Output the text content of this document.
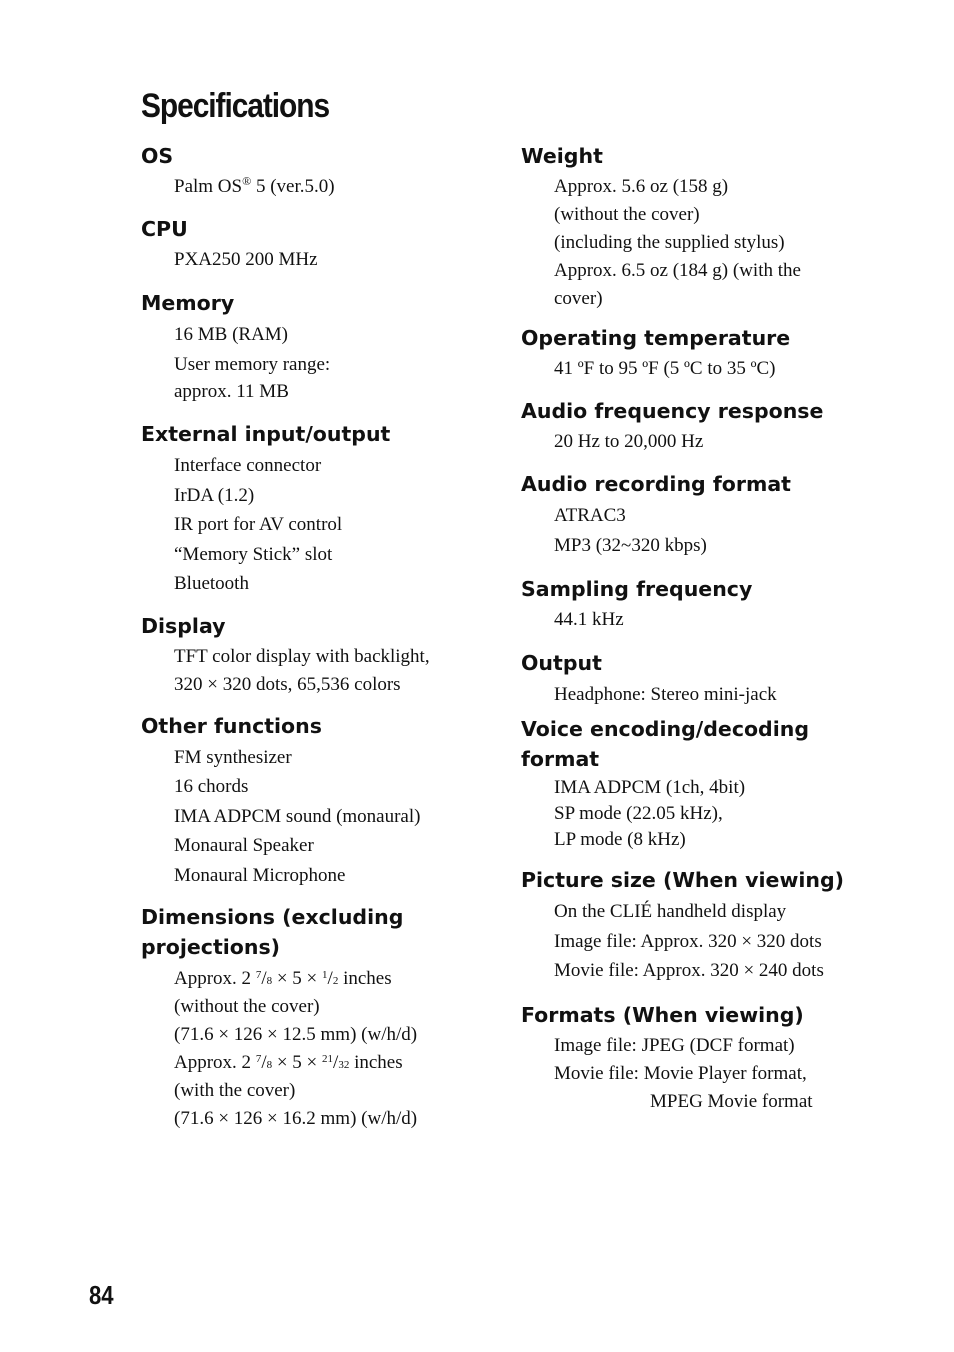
Specifications
OS

Palm OS® 5 (ver.5.0)

CPU

PXA250 200 MHz

Memory

16 MB (RAM)

User memory range:

approx. 11 MB

External input/output

Interface connector

IrDA (1.2)

IR port for AV control

“Memory Stick” slot

Bluetooth

Display

TFT color display with backlight,

320 × 320 dots, 65,536 colors

Other functions

FM synthesizer

16 chords

IMA ADPCM sound (monaural)

Monaural Speaker

Monaural Microphone

Dimensions (excluding
projections)

Approx. 2 $^7$/8 × 5 × $^1$/2 inches

(without the cover)

(71.6 × 126 × 12.5 mm) (w/h/d)

Approx. 2 $^7$/8 × 5 × $^{21}$/32 inches

(with the cover)

(71.6 × 126 × 16.2 mm) (w/h/d)

Weight

Approx. 5.6 oz (158 g)

(without the cover)

(including the supplied stylus)

Approx. 6.5 oz (184 g) (with the

cover)

Operating temperature

41 ºF to 95 ºF (5 ºC to 35 ºC)

Audio frequency response

20 Hz to 20,000 Hz

Audio recording format

ATRAC3

MP3 (32~320 kbps)

Sampling frequency

44.1 kHz

Output

Headphone: Stereo mini-jack

Voice encoding/decoding
format

IMA ADPCM (1ch, 4bit)

SP mode (22.05 kHz),

LP mode (8 kHz)

Picture size (When viewing)

On the CLIÉ handheld display

Image file: Approx. 320 × 320 dots

Movie file: Approx. 320 × 240 dots

Formats (When viewing)

Image file: JPEG (DCF format)

Movie file: Movie Player format,

MPEG Movie format

84
